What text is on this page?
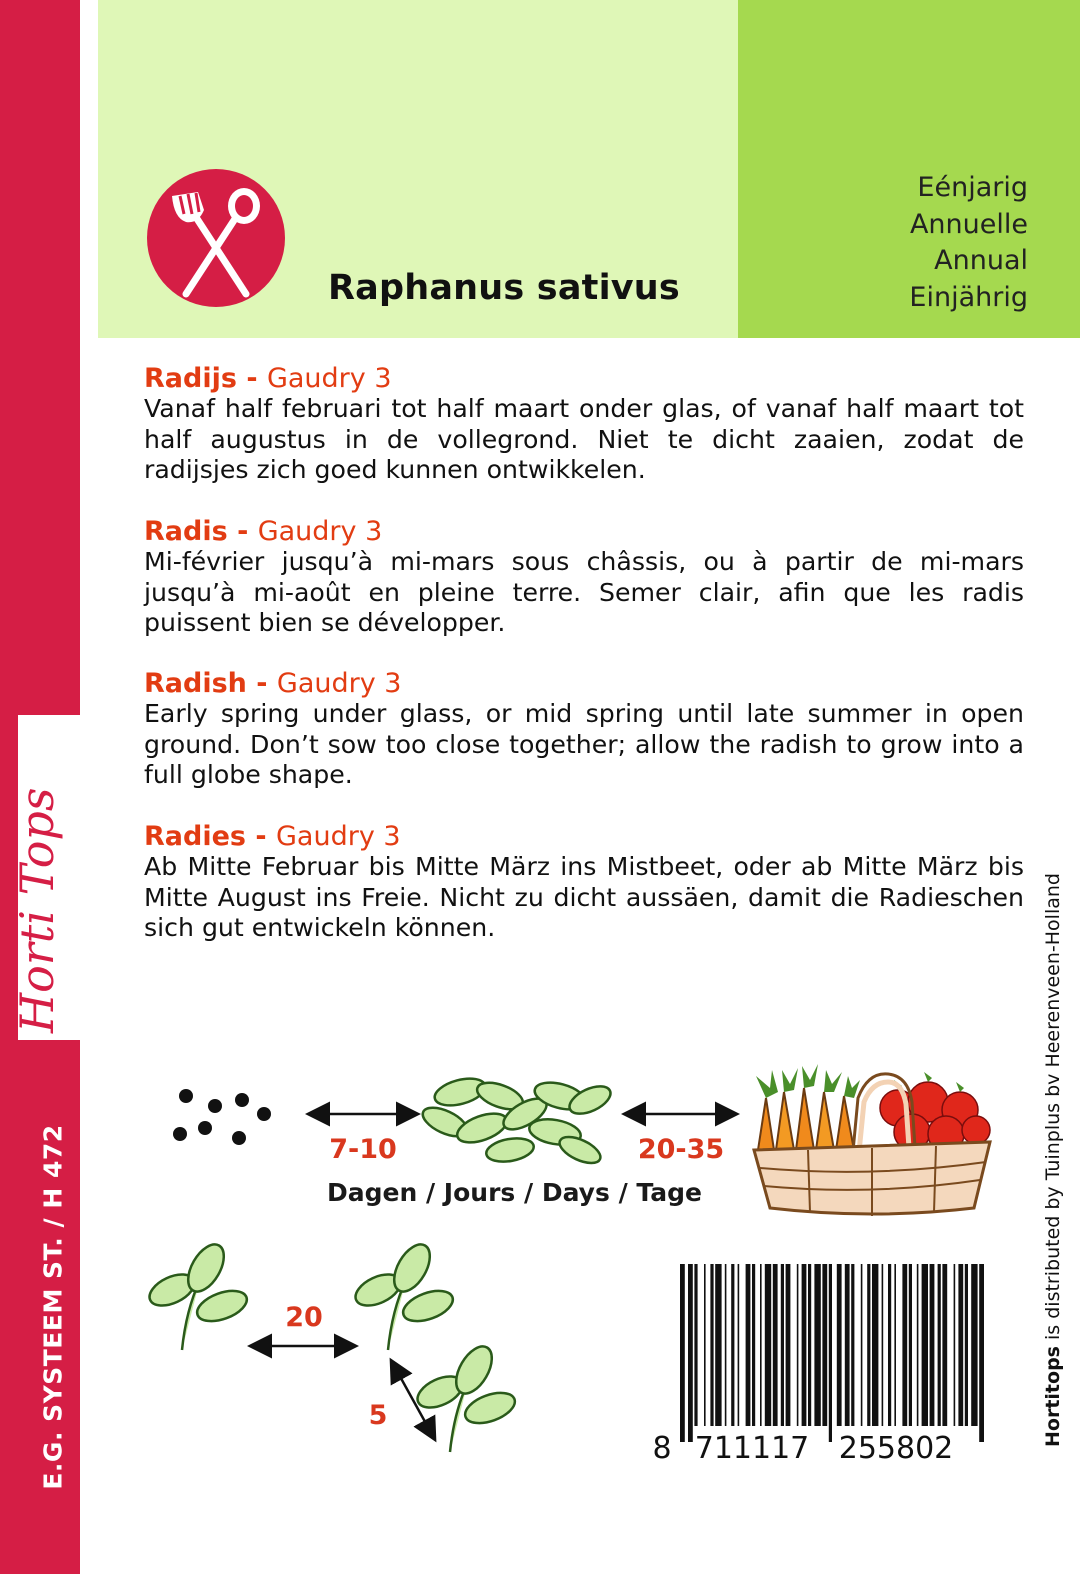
Horti Tops
E.G. SYSTEEM ST. / H 472
Raphanus sativus
Eénjarig
Annuelle
Annual
Einjährig
Radijs - Gaudry 3

Vanaf half februari tot half maart onder glas, of vanaf half maart tot half augustus in de vollegrond. Niet te dicht zaaien, zodat de radijsjes zich goed kunnen ontwikkelen.

Radis - Gaudry 3

Mi-février jusqu’à mi-mars sous châssis, ou à partir de mi-mars jusqu’à mi-août en pleine terre. Semer clair, afin que les radis puissent bien se développer.

Radish - Gaudry 3

Early spring under glass, or mid spring until late summer in open ground. Don’t sow too close together; allow the radish to grow into a full globe shape.

Radies - Gaudry 3

Ab Mitte Februar bis Mitte März ins Mistbeet, oder ab Mitte März bis Mitte August ins Freie. Nicht zu dicht aussäen, damit die Radieschen sich gut entwickeln können.

7-10	20-35
Dagen / Jours / Days / Tage
20
5
8 711117 255802
Hortitops is distributed by Tuinplus bv Heerenveen-Holland
